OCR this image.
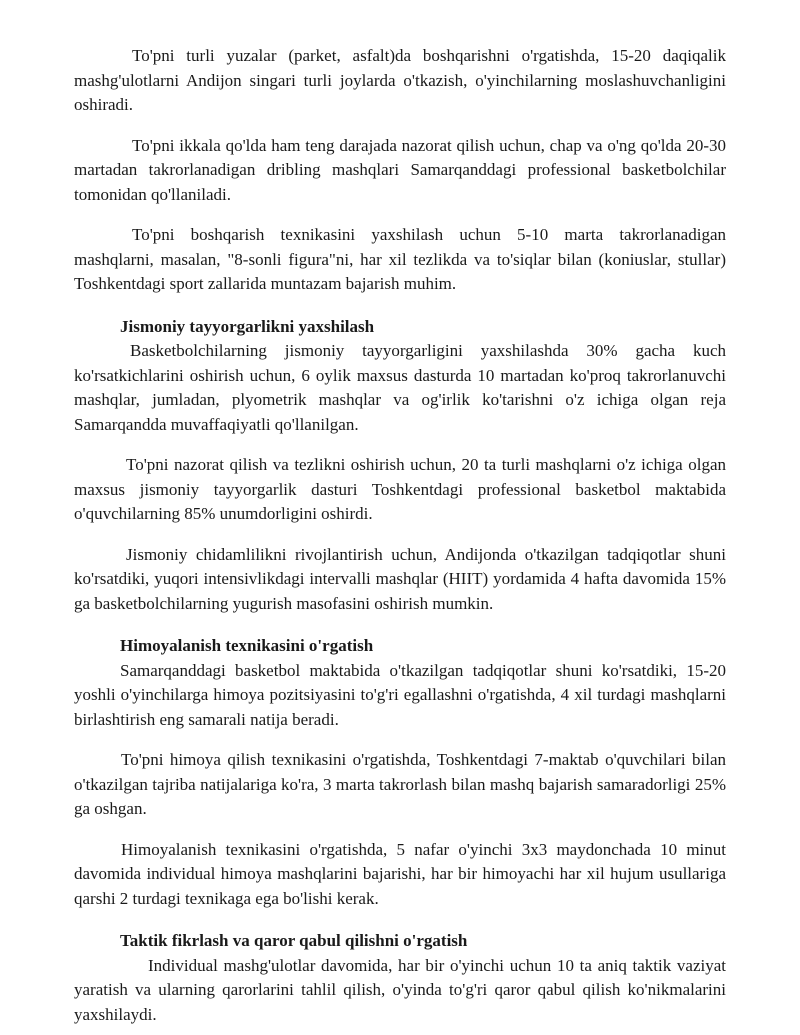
To'pni turli yuzalar (parket, asfalt)da boshqarishni o'rgatishda, 15-20 daqiqalik mashg'ulotlarni Andijon singari turli joylarda o'tkazish, o'yinchilarning moslashuvchanligini oshiradi.

To'pni ikkala qo'lda ham teng darajada nazorat qilish uchun, chap va o'ng qo'lda 20-30 martadan takrorlanadigan dribling mashqlari Samarqanddagi professional basketbolchilar tomonidan qo'llaniladi.

To'pni boshqarish texnikasini yaxshilash uchun 5-10 marta takrorlanadigan mashqlarni, masalan, "8-sonli figura"ni, har xil tezlikda va to'siqlar bilan (koniuslar, stullar) Toshkentdagi sport zallarida muntazam bajarish muhim.

Jismoniy tayyorgarlikni yaxshilash

Basketbolchilarning jismoniy tayyorgarligini yaxshilashda 30% gacha kuch ko'rsatkichlarini oshirish uchun, 6 oylik maxsus dasturda 10 martadan ko'proq takrorlanuvchi mashqlar, jumladan, plyometrik mashqlar va og'irlik ko'tarishni o'z ichiga olgan reja Samarqandda muvaffaqiyatli qo'llanilgan.

To'pni nazorat qilish va tezlikni oshirish uchun, 20 ta turli mashqlarni o'z ichiga olgan maxsus jismoniy tayyorgarlik dasturi Toshkentdagi professional basketbol maktabida o'quvchilarning 85% unumdorligini oshirdi.

Jismoniy chidamlilikni rivojlantirish uchun, Andijonda o'tkazilgan tadqiqotlar shuni ko'rsatdiki, yuqori intensivlikdagi intervalli mashqlar (HIIT) yordamida 4 hafta davomida 15% ga basketbolchilarning yugurish masofasini oshirish mumkin.

Himoyalanish texnikasini o'rgatish

Samarqanddagi basketbol maktabida o'tkazilgan tadqiqotlar shuni ko'rsatdiki, 15-20 yoshli o'yinchilarga himoya pozitsiyasini to'g'ri egallashni o'rgatishda, 4 xil turdagi mashqlarni birlashtirish eng samarali natija beradi.

To'pni himoya qilish texnikasini o'rgatishda, Toshkentdagi 7-maktab o'quvchilari bilan o'tkazilgan tajriba natijalariga ko'ra, 3 marta takrorlash bilan mashq bajarish samaradorligi 25% ga oshgan.

Himoyalanish texnikasini o'rgatishda, 5 nafar o'yinchi 3x3 maydonchada 10 minut davomida individual himoya mashqlarini bajarishi, har bir himoyachi har xil hujum usullariga qarshi 2 turdagi texnikaga ega bo'lishi kerak.

Taktik fikrlash va qaror qabul qilishni o'rgatish

Individual mashg'ulotlar davomida, har bir o'yinchi uchun 10 ta aniq taktik vaziyat yaratish va ularning qarorlarini tahlil qilish, o'yinda to'g'ri qaror qabul qilish ko'nikmalarini yaxshilaydi.
